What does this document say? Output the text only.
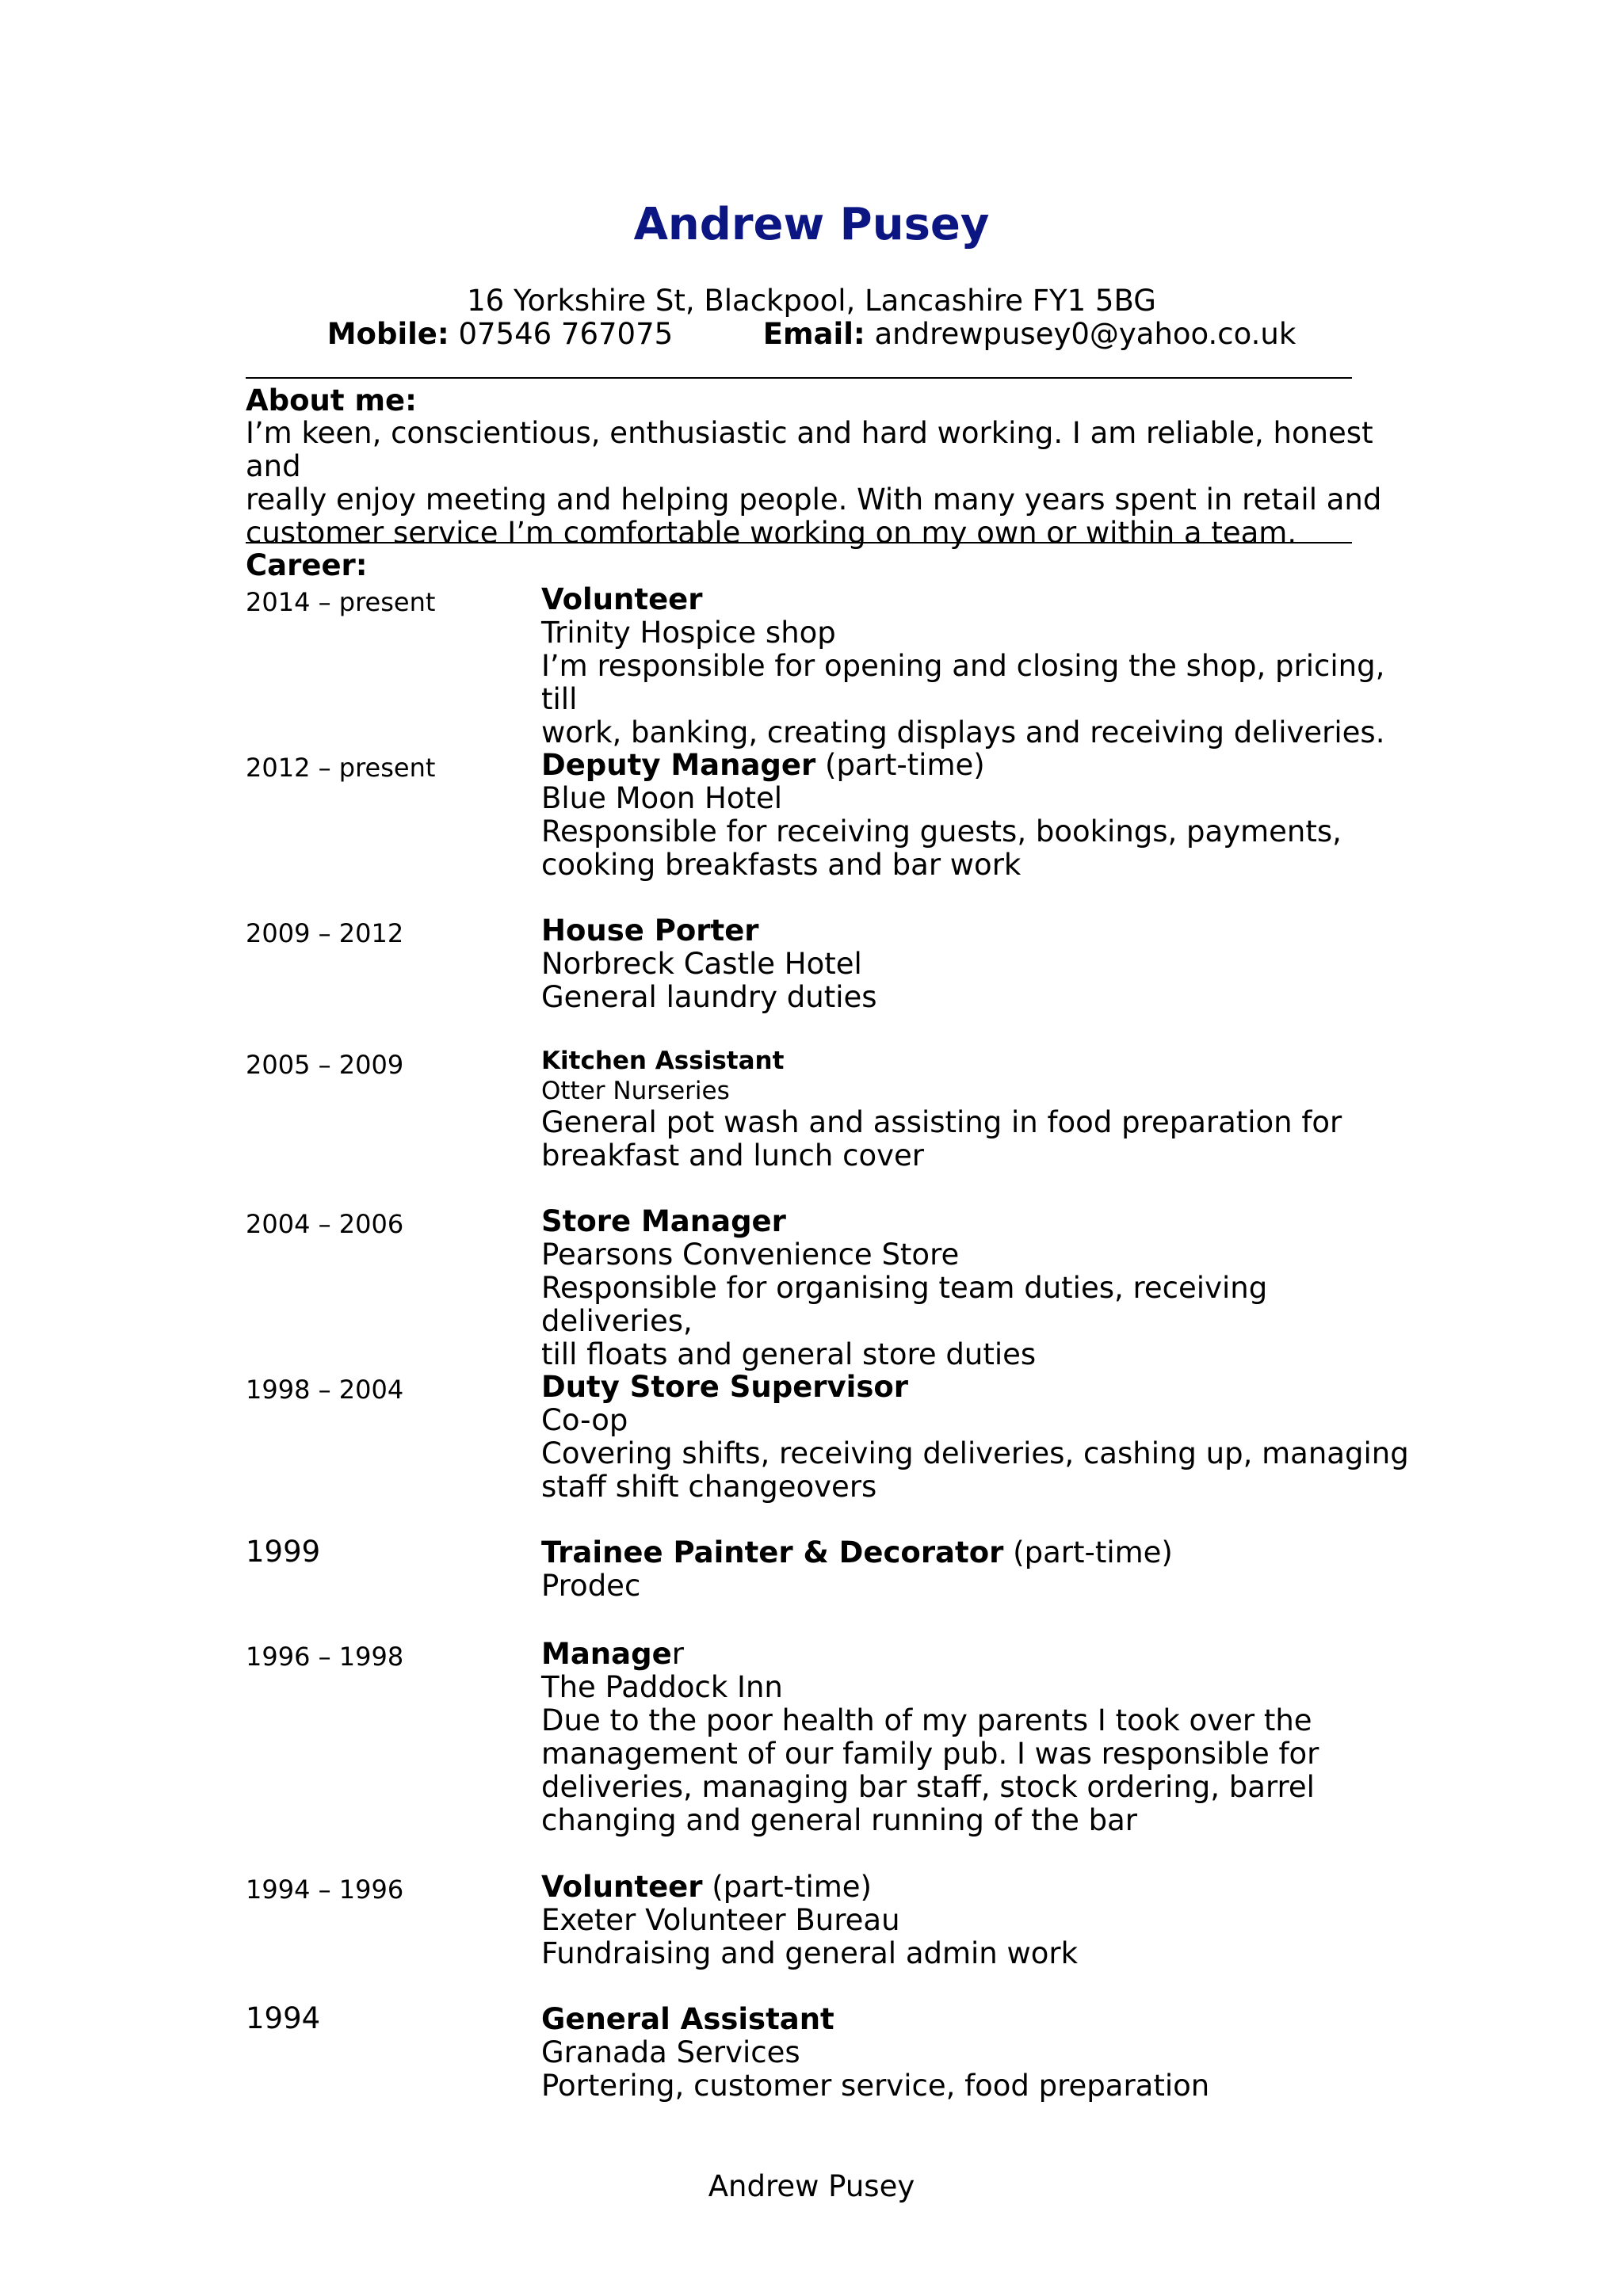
Andrew Pusey
16 Yorkshire St, Blackpool, Lancashire FY1 5BG
Mobile: 07546 767075	Email: andrewpusey0@yahoo.co.uk
About me:
I’m keen, conscientious, enthusiastic and hard working. I am reliable, honest and
really enjoy meeting and helping people. With many years spent in retail and
customer service I’m comfortable working on my own or within a team.
Career:
2014 – present	Volunteer
Trinity Hospice shop
I’m responsible for opening and closing the shop, pricing, till
work, banking, creating displays and receiving deliveries.
2012 – present	Deputy Manager (part-time)
Blue Moon Hotel
Responsible for receiving guests, bookings, payments,
cooking breakfasts and bar work
2009 – 2012	House Porter
Norbreck Castle Hotel
General laundry duties
2005 – 2009	Kitchen Assistant
Otter Nurseries
General pot wash and assisting in food preparation for
breakfast and lunch cover
2004 – 2006	Store Manager
Pearsons Convenience Store
Responsible for organising team duties, receiving deliveries,
till floats and general store duties
1998 – 2004	Duty Store Supervisor
Co-op
Covering shifts, receiving deliveries, cashing up, managing
staff shift changeovers
1999	Trainee Painter & Decorator (part-time)
Prodec
1996 – 1998	Manager
The Paddock Inn
Due to the poor health of my parents I took over the
management of our family pub. I was responsible for
deliveries, managing bar staff, stock ordering, barrel
changing and general running of the bar
1994 – 1996	Volunteer (part-time)
Exeter Volunteer Bureau
Fundraising and general admin work
1994	General Assistant
Granada Services
Portering, customer service, food preparation
Andrew Pusey
